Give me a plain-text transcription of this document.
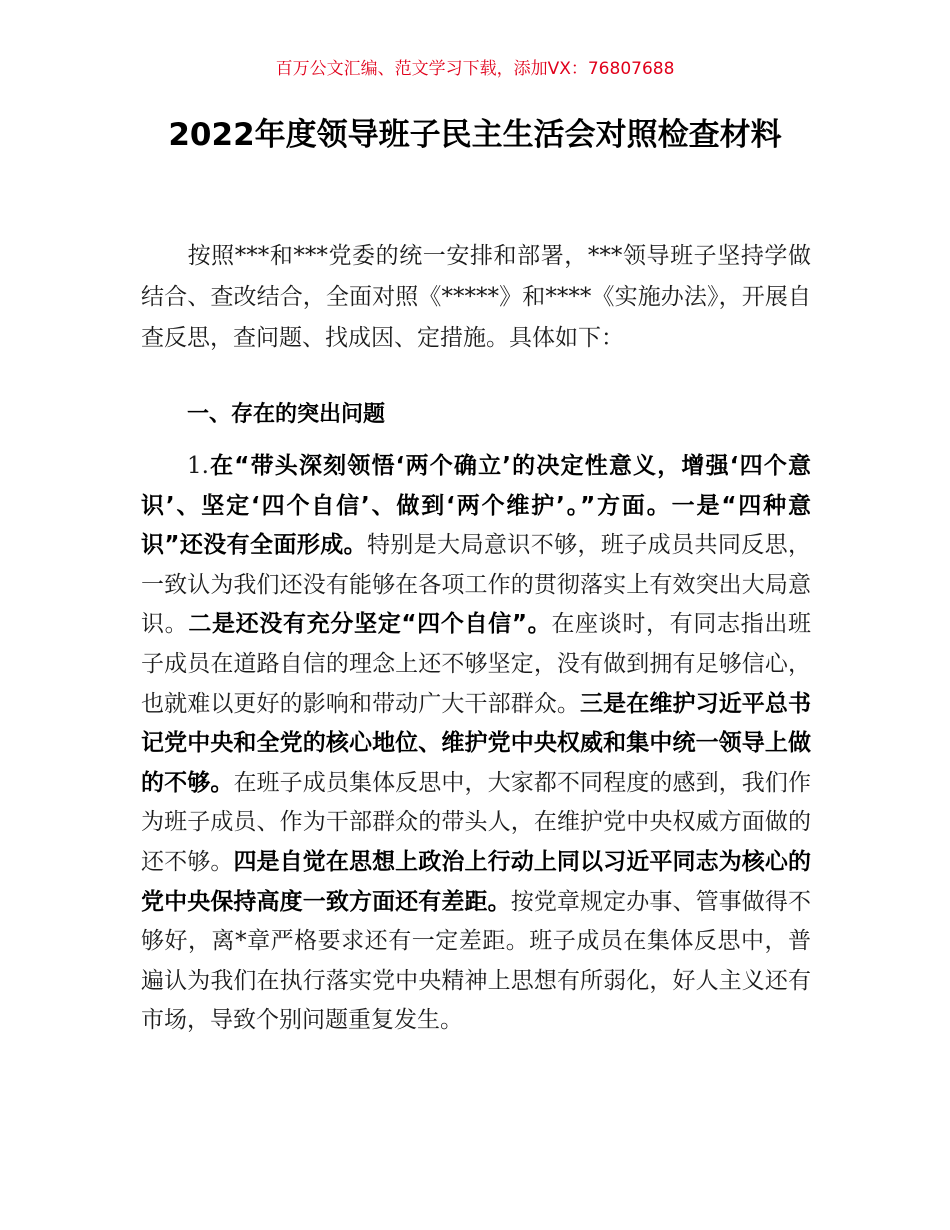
百万公文汇编、范文学习下载，添加VX：76807688
2022年度领导班子民主生活会对照检查材料
按照***和***党委的统一安排和部署，***领导班子坚持学做结合、查改结合，全面对照《*****》和****《实施办法》，开展自查反思，查问题、找成因、定措施。具体如下：
一、存在的突出问题
1.在“带头深刻领悟‘两个确立’的决定性意义，增强‘四个意识’、坚定‘四个自信’、做到‘两个维护’。”方面。一是“四种意识”还没有全面形成。特别是大局意识不够，班子成员共同反思，一致认为我们还没有能够在各项工作的贯彻落实上有效突出大局意识。二是还没有充分坚定“四个自信”。在座谈时，有同志指出班子成员在道路自信的理念上还不够坚定，没有做到拥有足够信心，也就难以更好的影响和带动广大干部群众。三是在维护习近平总书记党中央和全党的核心地位、维护党中央权威和集中统一领导上做的不够。在班子成员集体反思中，大家都不同程度的感到，我们作为班子成员、作为干部群众的带头人，在维护党中央权威方面做的还不够。四是自觉在思想上政治上行动上同以习近平同志为核心的党中央保持高度一致方面还有差距。按党章规定办事、管事做得不够好，离*章严格要求还有一定差距。班子成员在集体反思中，普遍认为我们在执行落实党中央精神上思想有所弱化，好人主义还有市场，导致个别问题重复发生。
